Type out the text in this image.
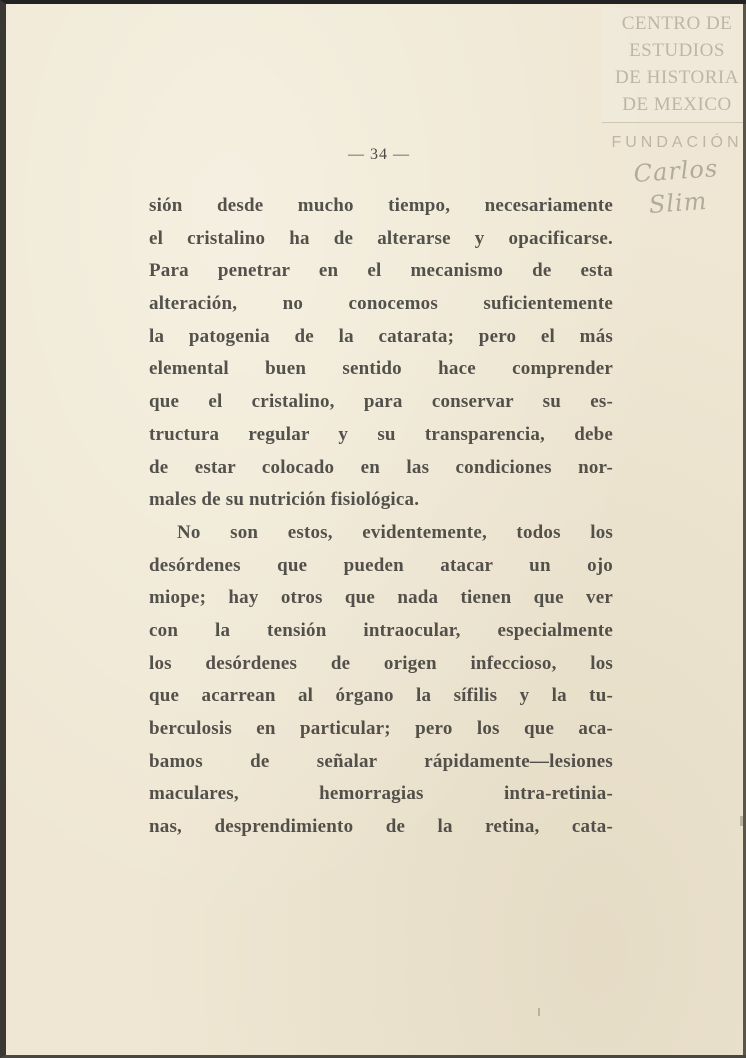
CENTRO DE
ESTUDIOS
DE HISTORIA
DE MEXICO
FUNDACIÓN
Carlos Slim
— 34 —
sión desde mucho tiempo, necesariamente
el cristalino ha de alterarse y opacificarse.
Para penetrar en el mecanismo de esta
alteración, no conocemos suficientemente
la patogenia de la catarata; pero el más
elemental buen sentido hace comprender
que el cristalino, para conservar su es-
tructura regular y su transparencia, debe
de estar colocado en las condiciones nor-
males de su nutrición fisiológica.
No son estos, evidentemente, todos los
desórdenes que pueden atacar un ojo
miope; hay otros que nada tienen que ver
con la tensión intraocular, especialmente
los desórdenes de origen infeccioso, los
que acarrean al órgano la sífilis y la tu-
berculosis en particular; pero los que aca-
bamos de señalar rápidamente—lesiones
maculares, hemorragias intra-retinia-
nas, desprendimiento de la retina, cata-
